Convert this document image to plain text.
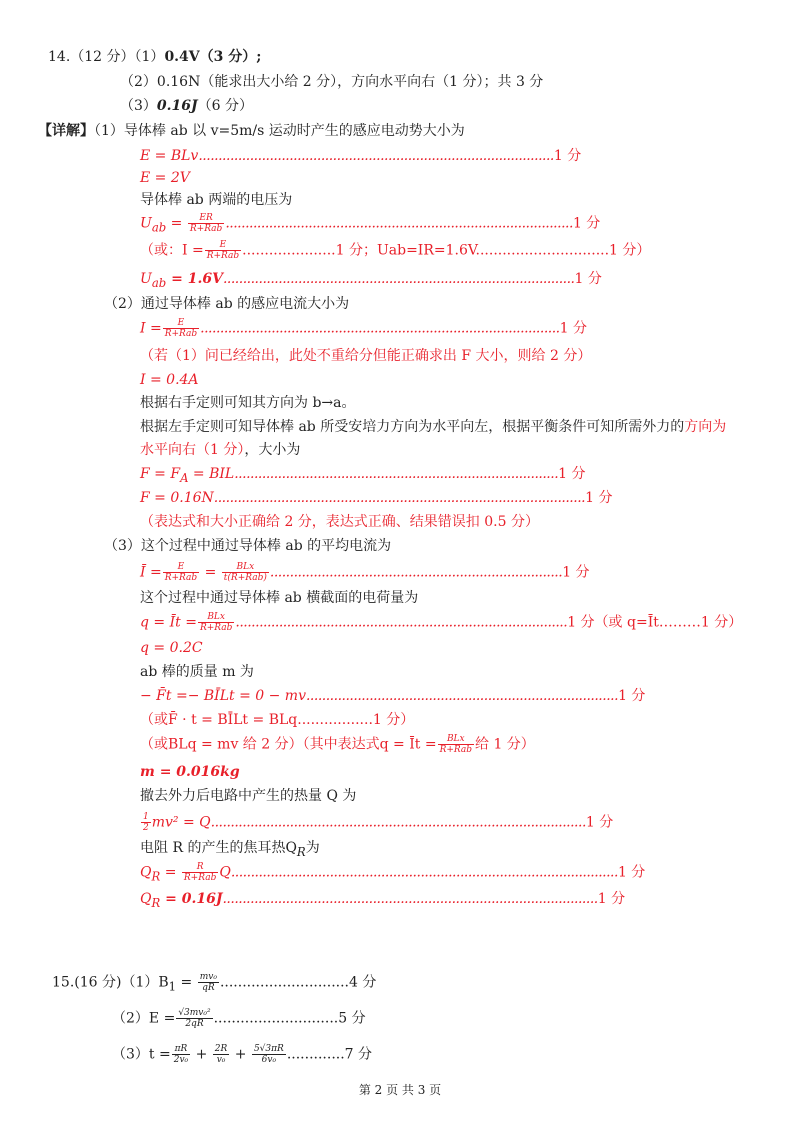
14.（12 分）（1）0.4V（3 分）;
（2）0.16N（能求出大小给 2 分），方向水平向右（1 分）；共 3 分
（3）0.16J（6 分）
【详解】（1）导体棒 ab 以 v=5m/s 运动时产生的感应电动势大小为
E = BLv..........................................................................................1 分
E = 2V
导体棒 ab 两端的电压为
$U_{ab} = \frac{ER}{\text{R+Rab}} ........................................................................................1$ 分
（或：$I = \frac{E}{\text{R+Rab}} .....................1$ 分；Uab=IR=1.6V..............................1 分）
$U_{ab} = 1.6V.........................................................................................1$ 分
（2）通过导体棒 ab 的感应电流大小为
$I = \frac{E}{\text{R+Rab}} ...........................................................................................1$ 分
（若（1）问已经给出，此处不重给分但能正确求出 F 大小，则给 2 分）
I = 0.4A
根据右手定则可知其方向为 b→a。
根据左手定则可知导体棒 ab 所受安培力方向为水平向左，根据平衡条件可知所需外力的方向为
水平向右（1 分），大小为
$F = F_A = BIL..................................................................................1$ 分
F = 0.16N..............................................................................................1 分
（表达式和大小正确给 2 分，表达式正确、结果错误扣 0.5 分）
（3）这个过程中通过导体棒 ab 的平均电流为
Ī = $\frac{E}{\text{R+Rab}} = \frac{\text{BLx}}{\text{t(R+Rab)}} ..........................................................................1$ 分
这个过程中通过导体棒 ab 横截面的电荷量为
q = Īt = $\frac{\text{BLx}}{\text{R+Rab}} ....................................................................................1$ 分（或 q=Īt………1 分）
q = 0.2C
ab 棒的质量 m 为
− F̄t =− BĪLt = 0 − mv...............................................................................1 分
（或F̄ · t = BĪLt = BLq.................1 分）
（或BLq = mv 给 2 分）（其中表达式q = Īt = $\frac{\text{BLx}}{\text{R+Rab}}$ 给 1 分）
m = 0.016kg
撤去外力后电路中产生的热量 Q 为
$\frac{1}{2} mv^2 = Q...............................................................................................1$ 分
电阻 R 的产生的焦耳热$Q_R$为
$Q_R = \frac{R}{\text{R+Rab}} Q..................................................................................................1$ 分
$Q_R = 0.16J...............................................................................................1$ 分
15.(16 分)$(1)B_1 = \frac{\text{mv₀}}{qR} .............................4$ 分
$(2)E = \frac{\text{√3mv₀²}}{2qR} ............................5$ 分
$(3)t = \frac{\pi R}{\text{2v₀}} + \frac{2R}{\text{v₀}} + \frac{5√3\pi R}{\text{6v₀}} .............7$ 分
第 2 页 共 3 页
